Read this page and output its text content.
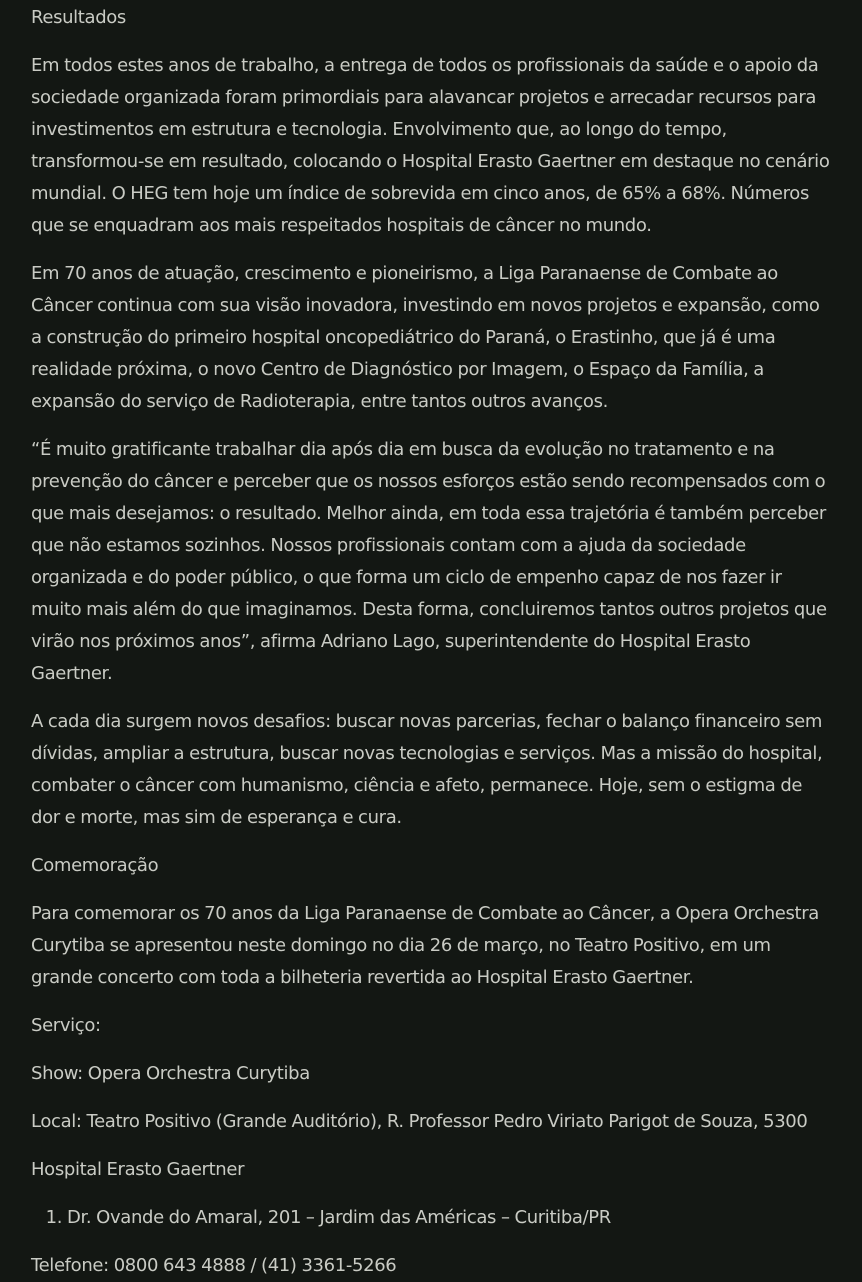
Resultados

Em todos estes anos de trabalho, a entrega de todos os profissionais da saúde e o apoio da sociedade organizada foram primordiais para alavancar projetos e arrecadar recursos para investimentos em estrutura e tecnologia. Envolvimento que, ao longo do tempo, transformou-se em resultado, colocando o Hospital Erasto Gaertner em destaque no cenário mundial. O HEG tem hoje um índice de sobrevida em cinco anos, de 65% a 68%. Números que se enquadram aos mais respeitados hospitais de câncer no mundo.

Em 70 anos de atuação, crescimento e pioneirismo, a Liga Paranaense de Combate ao Câncer continua com sua visão inovadora, investindo em novos projetos e expansão, como a construção do primeiro hospital oncopediátrico do Paraná, o Erastinho, que já é uma realidade próxima, o novo Centro de Diagnóstico por Imagem, o Espaço da Família, a expansão do serviço de Radioterapia, entre tantos outros avanços.

“É muito gratificante trabalhar dia após dia em busca da evolução no tratamento e na prevenção do câncer e perceber que os nossos esforços estão sendo recompensados com o que mais desejamos: o resultado. Melhor ainda, em toda essa trajetória é também perceber que não estamos sozinhos. Nossos profissionais contam com a ajuda da sociedade organizada e do poder público, o que forma um ciclo de empenho capaz de nos fazer ir muito mais além do que imaginamos. Desta forma, concluiremos tantos outros projetos que virão nos próximos anos”, afirma Adriano Lago, superintendente do Hospital Erasto Gaertner.

A cada dia surgem novos desafios: buscar novas parcerias, fechar o balanço financeiro sem dívidas, ampliar a estrutura, buscar novas tecnologias e serviços. Mas a missão do hospital, combater o câncer com humanismo, ciência e afeto, permanece. Hoje, sem o estigma de dor e morte, mas sim de esperança e cura.

Comemoração

Para comemorar os 70 anos da Liga Paranaense de Combate ao Câncer, a Opera Orchestra Curytiba se apresentou neste domingo no dia 26 de março, no Teatro Positivo, em um grande concerto com toda a bilheteria revertida ao Hospital Erasto Gaertner.

Serviço:

Show: Opera Orchestra Curytiba

Local: Teatro Positivo (Grande Auditório), R. Professor Pedro Viriato Parigot de Souza, 5300

Hospital Erasto Gaertner

1. Dr. Ovande do Amaral, 201 – Jardim das Américas – Curitiba/PR

Telefone: 0800 643 4888 / (41) 3361-5266
